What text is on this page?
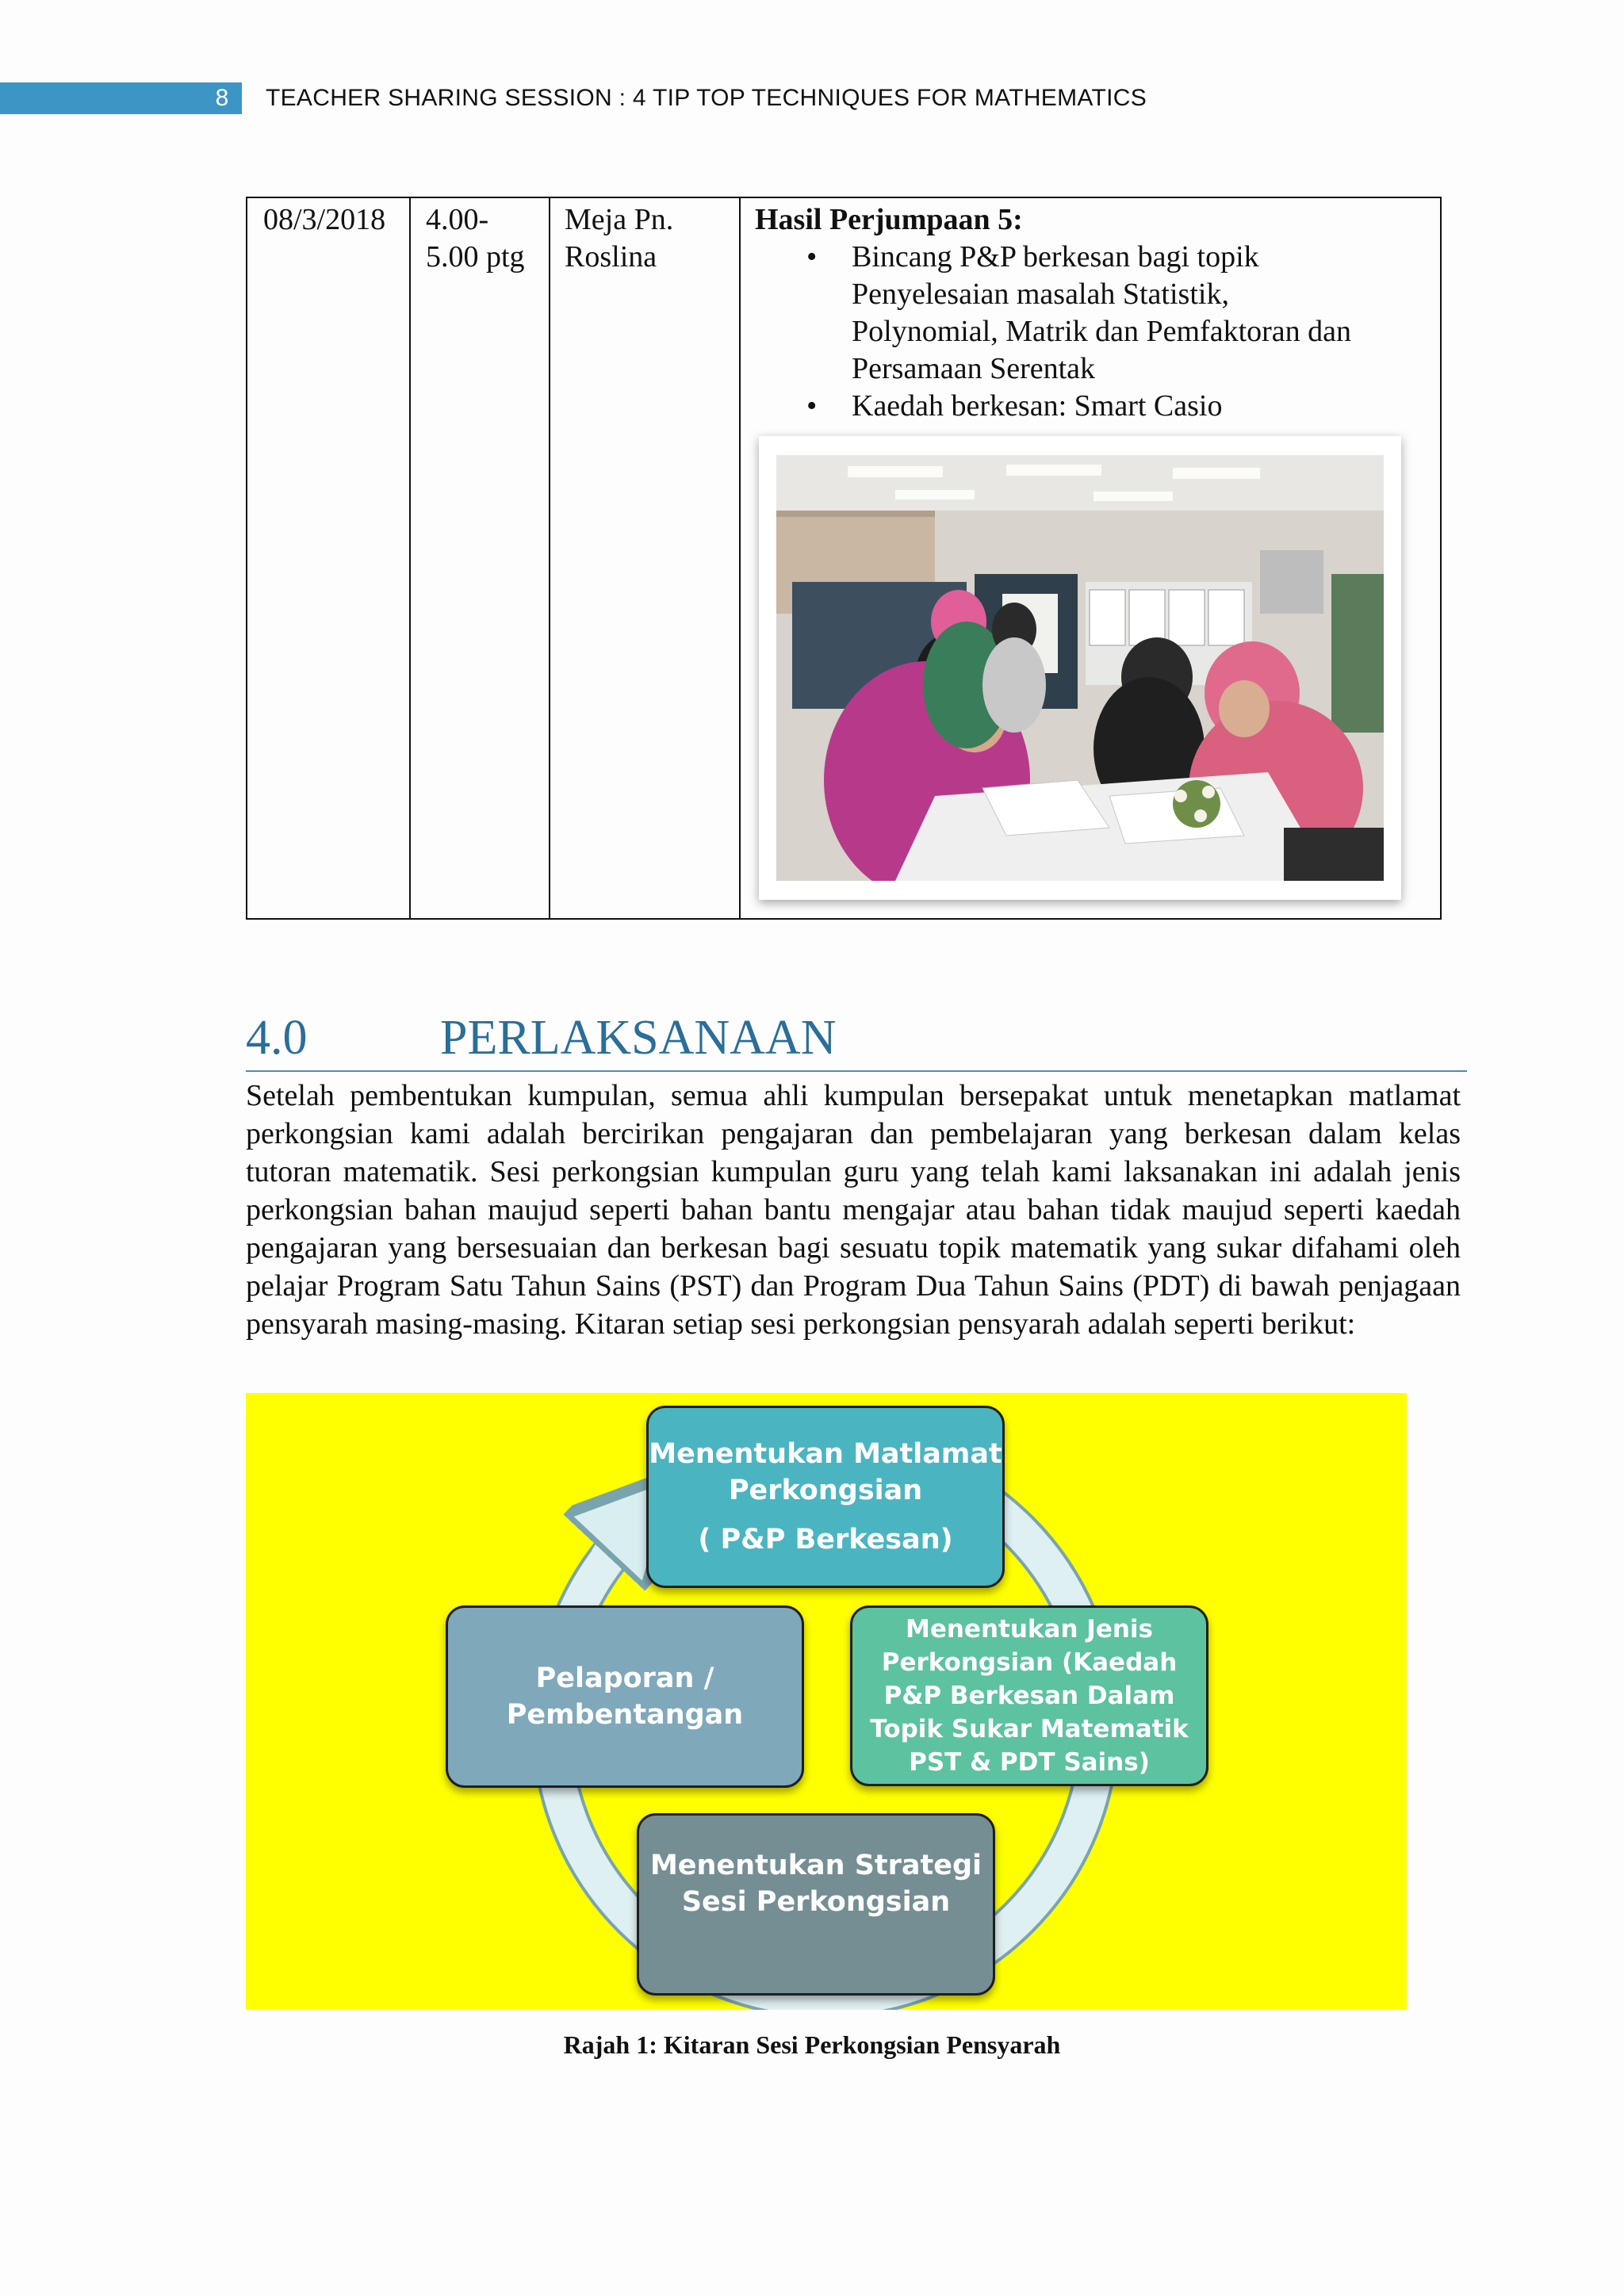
8	TEACHER SHARING SESSION : 4 TIP TOP TECHNIQUES FOR MATHEMATICS
08/3/2018 4.00-
5.00 ptg
Meja Pn.
Roslina
Hasil Perjumpaan 5:
• Bincang P&P berkesan bagi topik
Penyelesaian masalah Statistik,
Polynomial, Matrik dan Pemfaktoran dan
Persamaan Serentak
• Kaedah berkesan: Smart Casio
4.0	PERLAKSANAAN
Setelah pembentukan kumpulan, semua ahli kumpulan bersepakat untuk menetapkan matlamat perkongsian kami adalah bercirikan pengajaran dan pembelajaran yang berkesan dalam kelas tutoran matematik. Sesi perkongsian kumpulan guru yang telah kami laksanakan ini adalah jenis perkongsian bahan maujud seperti bahan bantu mengajar atau bahan tidak maujud seperti kaedah pengajaran yang bersesuaian dan berkesan bagi sesuatu topik matematik yang sukar difahami oleh pelajar Program Satu Tahun Sains (PST) dan Program Dua Tahun Sains (PDT) di bawah penjagaan pensyarah masing-masing. Kitaran setiap sesi perkongsian pensyarah adalah seperti berikut:
Menentukan Matlamat
Perkongsian
( P&P Berkesan)
Menentukan Jenis
Perkongsian (Kaedah
P&P Berkesan Dalam
Topik Sukar Matematik
PST & PDT Sains)
Menentukan Strategi
Sesi Perkongsian
Pelaporan /
Pembentangan
Rajah 1: Kitaran Sesi Perkongsian Pensyarah
